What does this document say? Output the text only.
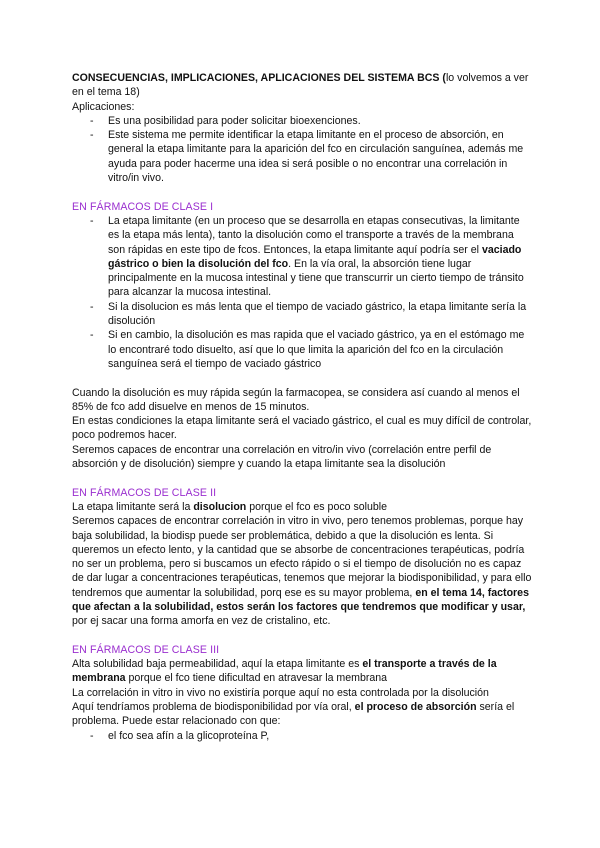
CONSECUENCIAS, IMPLICACIONES, APLICACIONES DEL SISTEMA BCS (lo volvemos a ver en el tema 18)

Aplicaciones:

- Es una posibilidad para poder solicitar bioexenciones.
- Este sistema me permite identificar la etapa limitante en el proceso de absorción, en general la etapa limitante para la aparición del fco en circulación sanguínea, además me ayuda para poder hacerme una idea si será posible o no encontrar una correlación in vitro/in vivo.

EN FÁRMACOS DE CLASE I

- La etapa limitante (en un proceso que se desarrolla en etapas consecutivas, la limitante es la etapa más lenta), tanto la disolución como el transporte a través de la membrana son rápidas en este tipo de fcos. Entonces, la etapa limitante aquí podría ser el vaciado gástrico o bien la disolución del fco. En la vía oral, la absorción tiene lugar principalmente en la mucosa intestinal y tiene que transcurrir un cierto tiempo de tránsito para alcanzar la mucosa intestinal.
- Si la disolucion es más lenta que el tiempo de vaciado gástrico, la etapa limitante sería la disolución
- Si en cambio, la disolución es mas rapida que el vaciado gástrico, ya en el estómago me lo encontraré todo disuelto, así que lo que limita la aparición del fco en la circulación sanguínea será el tiempo de vaciado gástrico

Cuando la disolución es muy rápida según la farmacopea, se considera así cuando al menos el 85% de fco add disuelve en menos de 15 minutos.

En estas condiciones la etapa limitante será el vaciado gástrico, el cual es muy difícil de controlar, poco podremos hacer.

Seremos capaces de encontrar una correlación en vitro/in vivo (correlación entre perfil de absorción y de disolución) siempre y cuando la etapa limitante sea la disolución

EN FÁRMACOS DE CLASE II

La etapa limitante será la disolucion porque el fco es poco soluble

Seremos capaces de encontrar correlación in vitro in vivo, pero tenemos problemas, porque hay baja solubilidad, la biodisp puede ser problemática, debido a que la disolución es lenta. Si queremos un efecto lento, y la cantidad que se absorbe de concentraciones terapéuticas, podría no ser un problema, pero si buscamos un efecto rápido o si el tiempo de disolución no es capaz de dar lugar a concentraciones terapéuticas, tenemos que mejorar la biodisponibilidad, y para ello tendremos que aumentar la solubilidad, porq ese es su mayor problema, en el tema 14, factores que afectan a la solubilidad, estos serán los factores que tendremos que modificar y usar, por ej sacar una forma amorfa en vez de cristalino, etc.

EN FÁRMACOS DE CLASE III

Alta solubilidad baja permeabilidad, aquí la etapa limitante es el transporte a través de la membrana porque el fco tiene dificultad en atravesar la membrana

La correlación in vitro in vivo no existiría porque aquí no esta controlada por la disolución

Aquí tendríamos problema de biodisponibilidad por vía oral, el proceso de absorción sería el problema. Puede estar relacionado con que:

- el fco sea afín a la glicoproteína P,
